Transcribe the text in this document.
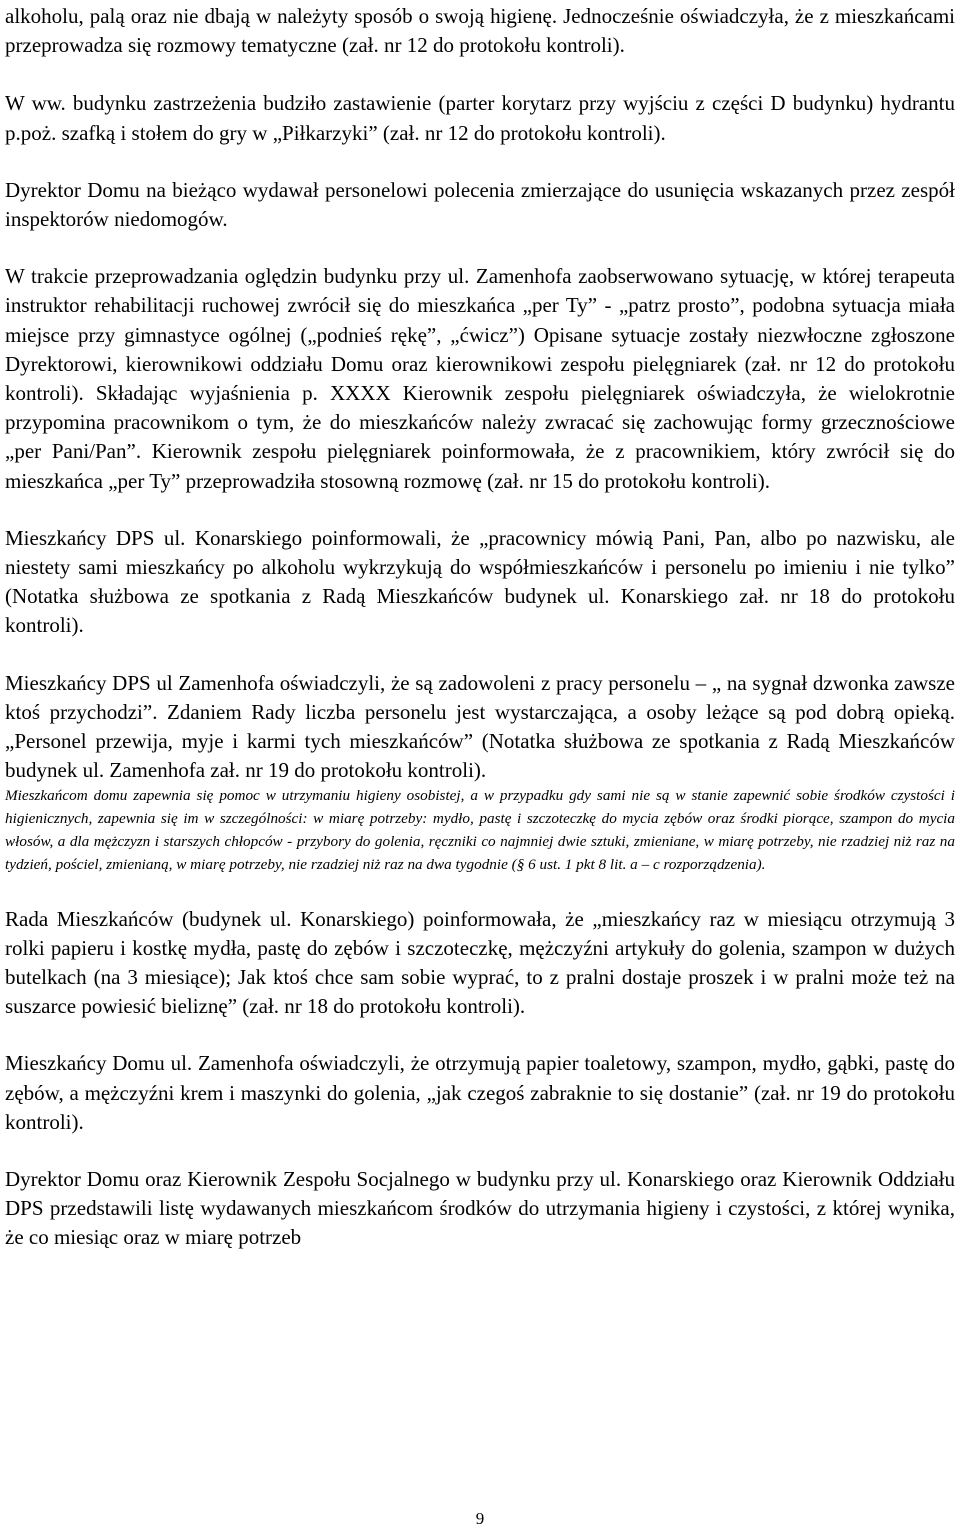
alkoholu, palą oraz nie dbają w należyty sposób o swoją higienę. Jednocześnie oświadczyła, że z mieszkańcami przeprowadza się rozmowy tematyczne (zał. nr 12 do protokołu kontroli).

W ww. budynku zastrzeżenia budziło zastawienie (parter korytarz przy wyjściu z części D budynku) hydrantu p.poż. szafką i stołem do gry w „Piłkarzyki” (zał. nr 12 do protokołu kontroli).

Dyrektor Domu na bieżąco wydawał personelowi polecenia zmierzające do usunięcia wskazanych przez zespół inspektorów niedomogów.

W trakcie przeprowadzania oględzin budynku przy ul. Zamenhofa zaobserwowano sytuację, w której terapeuta instruktor rehabilitacji ruchowej zwrócił się do mieszkańca „per Ty” - „patrz prosto”, podobna sytuacja miała miejsce przy gimnastyce ogólnej („podnieś rękę”, „ćwicz”) Opisane sytuacje zostały niezwłoczne zgłoszone Dyrektorowi, kierownikowi oddziału Domu oraz kierownikowi zespołu pielęgniarek (zał. nr 12 do protokołu kontroli). Składając wyjaśnienia p. XXXX Kierownik zespołu pielęgniarek oświadczyła, że wielokrotnie przypomina pracownikom o tym, że do mieszkańców należy zwracać się zachowując formy grzecznościowe „per Pani/Pan”. Kierownik zespołu pielęgniarek poinformowała, że z pracownikiem, który zwrócił się do mieszkańca „per Ty” przeprowadziła stosowną rozmowę (zał. nr 15 do protokołu kontroli).

Mieszkańcy DPS ul. Konarskiego poinformowali, że „pracownicy mówią Pani, Pan, albo po nazwisku, ale niestety sami mieszkańcy po alkoholu wykrzykują do współmieszkańców i personelu po imieniu i nie tylko” (Notatka służbowa ze spotkania z Radą Mieszkańców budynek ul. Konarskiego zał. nr 18 do protokołu kontroli).

Mieszkańcy DPS ul Zamenhofa oświadczyli, że są zadowoleni z pracy personelu – „ na sygnał dzwonka zawsze ktoś przychodzi”. Zdaniem Rady liczba personelu jest wystarczająca, a osoby leżące są pod dobrą opieką. „Personel przewija, myje i karmi tych mieszkańców” (Notatka służbowa ze spotkania z Radą Mieszkańców budynek ul. Zamenhofa zał. nr 19 do protokołu kontroli).

Mieszkańcom domu zapewnia się pomoc w utrzymaniu higieny osobistej, a w przypadku gdy sami nie są w stanie zapewnić sobie środków czystości i higienicznych, zapewnia się im w szczególności: w miarę potrzeby: mydło, pastę i szczoteczkę do mycia zębów oraz środki piorące, szampon do mycia włosów, a dla mężczyzn i starszych chłopców - przybory do golenia, ręczniki co najmniej dwie sztuki, zmieniane, w miarę potrzeby, nie rzadziej niż raz na tydzień, pościel, zmienianą, w miarę potrzeby, nie rzadziej niż raz na dwa tygodnie (§ 6 ust. 1 pkt 8 lit. a – c rozporządzenia).

Rada Mieszkańców (budynek ul. Konarskiego) poinformowała, że „mieszkańcy raz w miesiącu otrzymują 3 rolki papieru i kostkę mydła, pastę do zębów i szczoteczkę, mężczyźni artykuły do golenia, szampon w dużych butelkach (na 3 miesiące); Jak ktoś chce sam sobie wyprać, to z pralni dostaje proszek i w pralni może też na suszarce powiesić bieliznę” (zał. nr 18 do protokołu kontroli).

Mieszkańcy Domu ul. Zamenhofa oświadczyli, że otrzymują papier toaletowy, szampon, mydło, gąbki, pastę do zębów, a mężczyźni krem i maszynki do golenia, „jak czegoś zabraknie to się dostanie” (zał. nr 19 do protokołu kontroli).

Dyrektor Domu oraz Kierownik Zespołu Socjalnego w budynku przy ul. Konarskiego oraz Kierownik Oddziału DPS przedstawili listę wydawanych mieszkańcom środków do utrzymania higieny i czystości, z której wynika, że co miesiąc oraz w miarę potrzeb

9
